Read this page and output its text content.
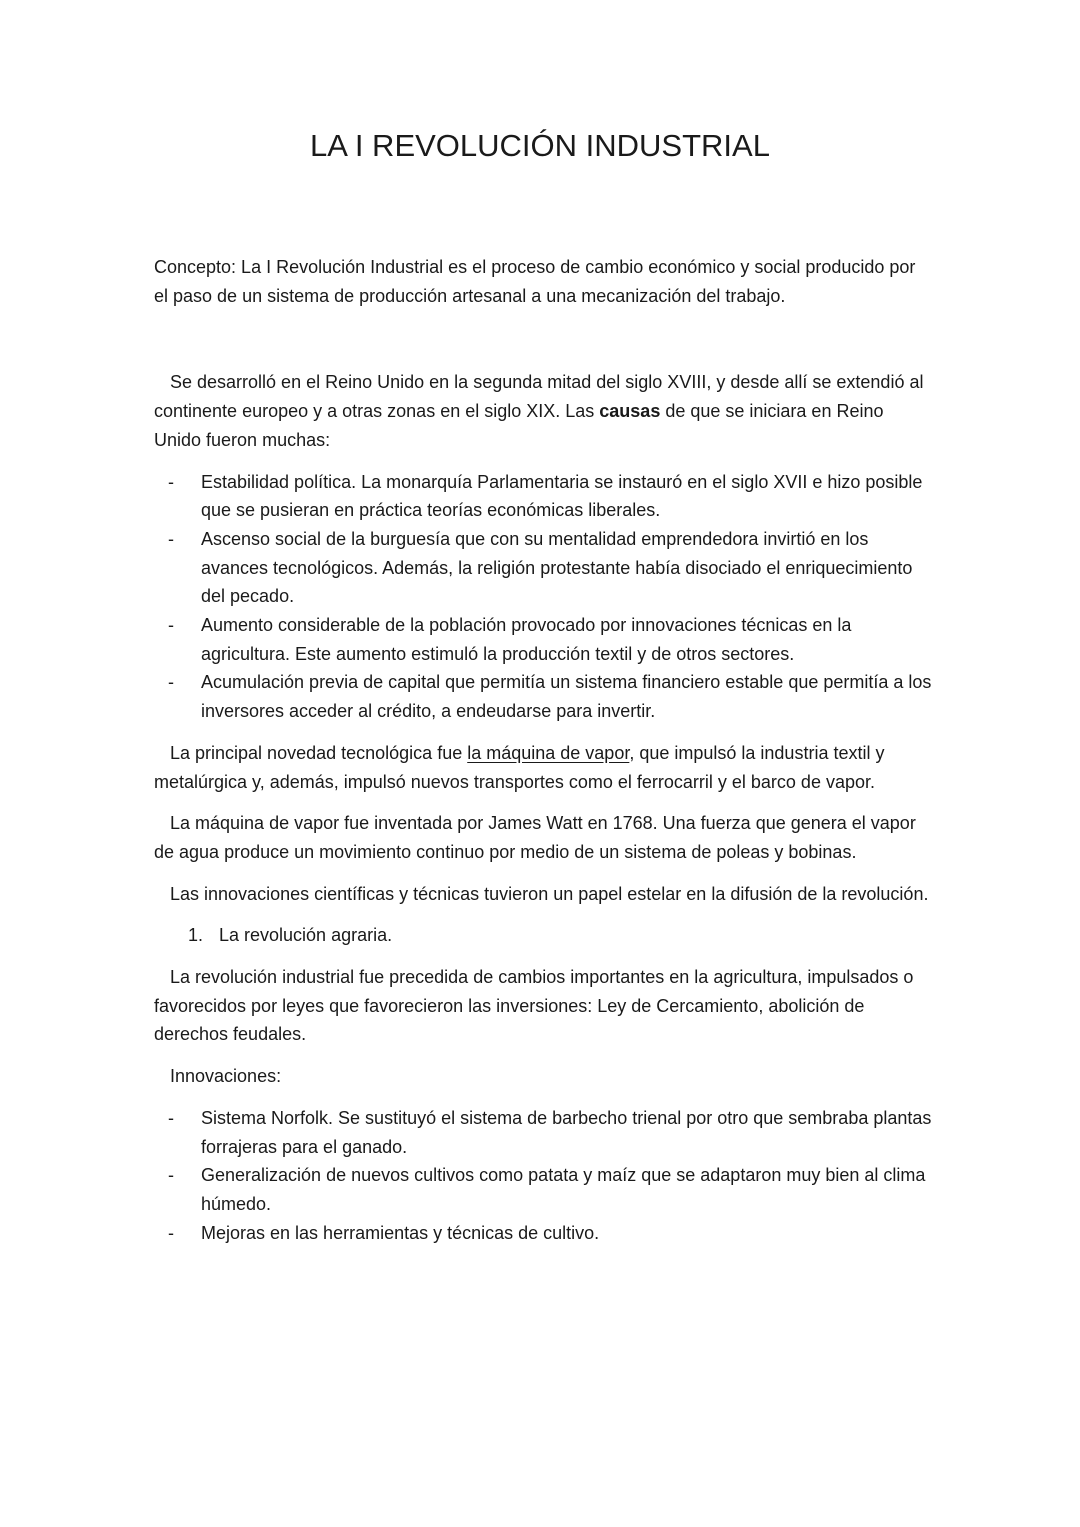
LA I REVOLUCIÓN INDUSTRIAL

Concepto: La I Revolución Industrial es el proceso de cambio económico y social producido por el paso de un sistema de producción artesanal a una mecanización del trabajo.

Se desarrolló en el Reino Unido en la segunda mitad del siglo XVIII, y desde allí se extendió al continente europeo y a otras zonas en el siglo XIX. Las causas de que se iniciara en Reino Unido fueron muchas:

- Estabilidad política. La monarquía Parlamentaria se instauró en el siglo XVII e hizo posible que se pusieran en práctica teorías económicas liberales.
- Ascenso social de la burguesía que con su mentalidad emprendedora invirtió en los avances tecnológicos. Además, la religión protestante había disociado el enriquecimiento del pecado.
- Aumento considerable de la población provocado por innovaciones técnicas en la agricultura. Este aumento estimuló la producción textil y de otros sectores.
- Acumulación previa de capital que permitía un sistema financiero estable que permitía a los inversores acceder al crédito, a endeudarse para invertir.

La principal novedad tecnológica fue la máquina de vapor, que impulsó la industria textil y metalúrgica y, además, impulsó nuevos transportes como el ferrocarril y el barco de vapor.

La máquina de vapor fue inventada por James Watt en 1768. Una fuerza que genera el vapor de agua produce un movimiento continuo por medio de un sistema de poleas y bobinas.

Las innovaciones científicas y técnicas tuvieron un papel estelar en la difusión de la revolución.

1. La revolución agraria.

La revolución industrial fue precedida de cambios importantes en la agricultura, impulsados o favorecidos por leyes que favorecieron las inversiones: Ley de Cercamiento, abolición de derechos feudales.

Innovaciones:

- Sistema Norfolk. Se sustituyó el sistema de barbecho trienal por otro que sembraba plantas forrajeras para el ganado.
- Generalización de nuevos cultivos como patata y maíz que se adaptaron muy bien al clima húmedo.
- Mejoras en las herramientas y técnicas de cultivo.
